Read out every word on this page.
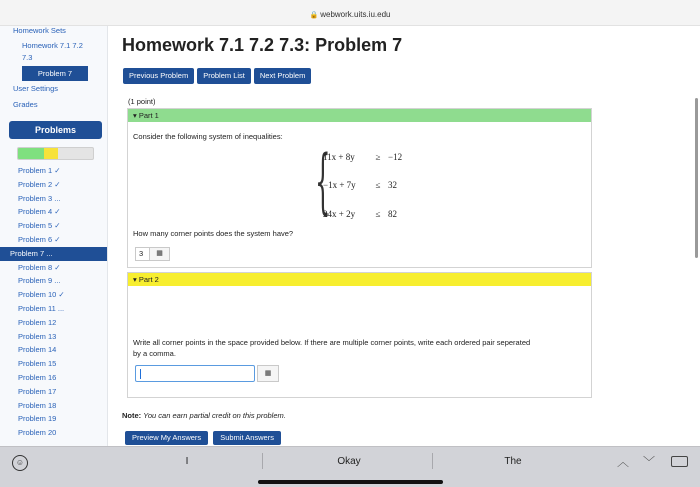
🔒 webwork.uits.iu.edu
Homework Sets
Homework 7.1 7.2
7.3
Problem 7
User Settings
Grades
Problems
Problem 1 ✓
Problem 2 ✓
Problem 3 ...
Problem 4 ✓
Problem 5 ✓
Problem 6 ✓
Problem 7 ...
Problem 8 ✓
Problem 9 ...
Problem 10 ✓
Problem 11 ...
Problem 12
Problem 13
Problem 14
Problem 15
Problem 16
Problem 17
Problem 18
Problem 19
Problem 20
Homework 7.1 7.2 7.3: Problem 7
Previous Problem	Problem List	Next Problem
(1 point)
▾ Part 1
Consider the following system of inequalities:
{
11x + 8y	≥ −12
−1x + 7y	≤ 32
24x + 2y	≤ 82
How many corner points does the system have?
3	▦
▾ Part 2
Write all corner points in the space provided below. If there are multiple corner points, write each ordered pair seperated
by a comma.
▦
Note: You can earn partial credit on this problem.
Preview My Answers	Submit Answers
☺	I	Okay	The	︿ ﹀
